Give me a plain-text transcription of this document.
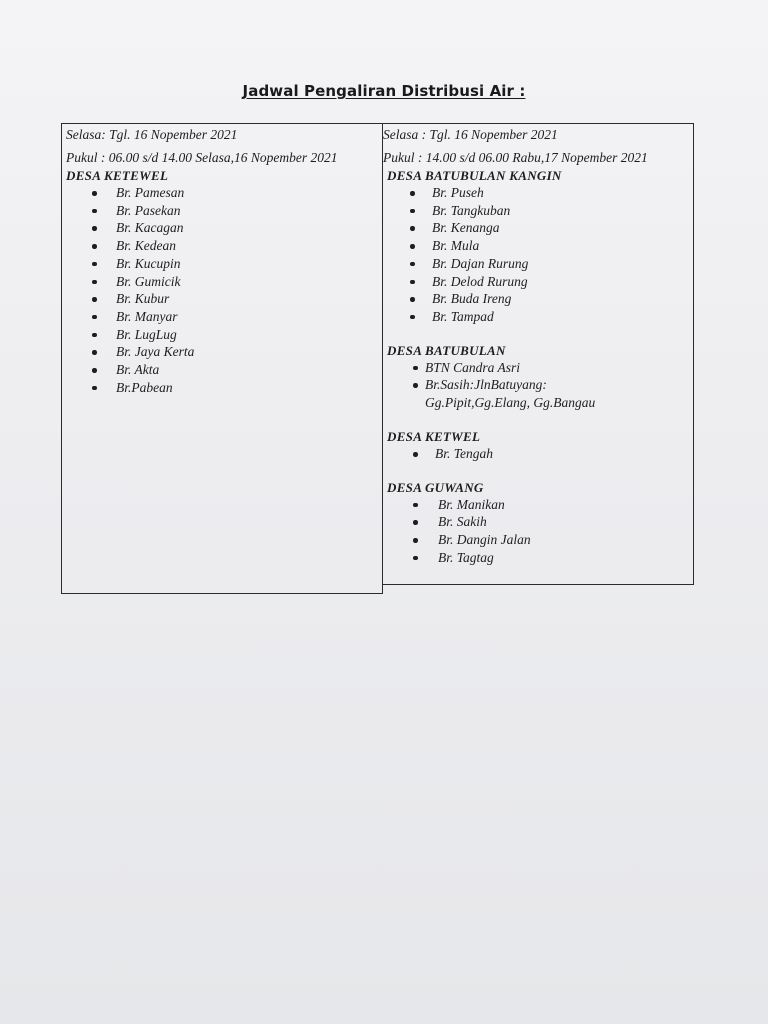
Jadwal Pengaliran Distribusi Air :
Selasa: Tgl. 16 Nopember 2021
Pukul : 06.00 s/d 14.00 Selasa,16 Nopember 2021
DESA KETEWEL
Br. Pamesan
Br. Pasekan
Br. Kacagan
Br. Kedean
Br. Kucupin
Br. Gumicik
Br. Kubur
Br. Manyar
Br. LugLug
Br. Jaya Kerta
Br. Akta
Br.Pabean
Selasa : Tgl. 16 Nopember 2021
Pukul : 14.00 s/d 06.00 Rabu,17 Nopember 2021
DESA BATUBULAN KANGIN
Br. Puseh
Br. Tangkuban
Br. Kenanga
Br. Mula
Br. Dajan Rurung
Br. Delod Rurung
Br. Buda Ireng
Br. Tampad
DESA BATUBULAN
BTN Candra Asri
Br.Sasih:JlnBatuyang:
Gg.Pipit,Gg.Elang, Gg.Bangau
DESA KETWEL
Br. Tengah
DESA GUWANG
Br. Manikan
Br. Sakih
Br. Dangin Jalan
Br. Tagtag
